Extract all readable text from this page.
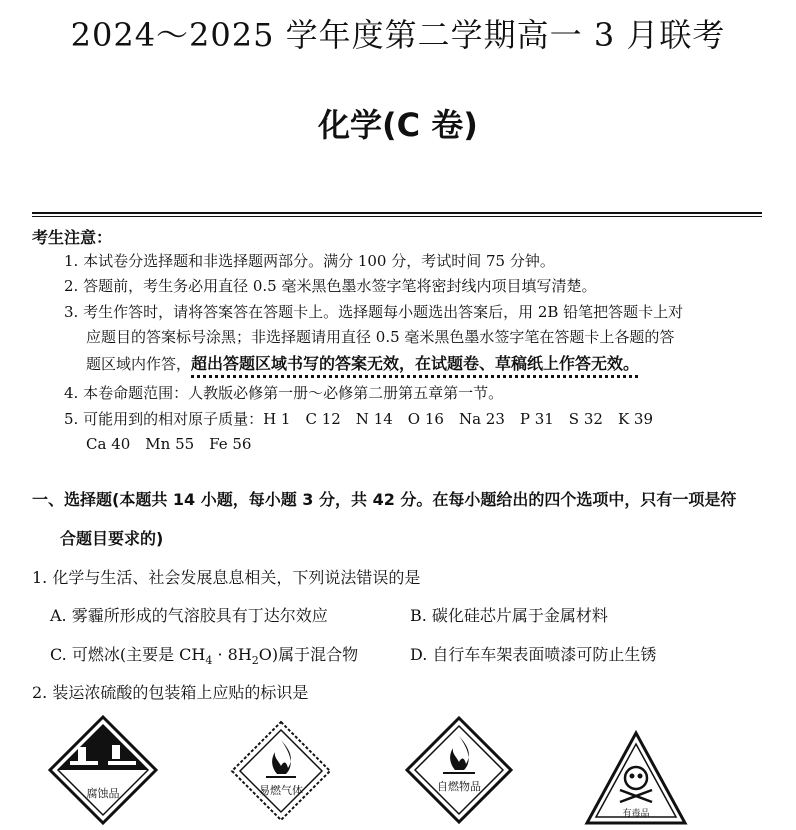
2024～2025 学年度第二学期高一 3 月联考
化学(C 卷)
考生注意：
1. 本试卷分选择题和非选择题两部分。满分 100 分，考试时间 75 分钟。
2. 答题前，考生务必用直径 0.5 毫米黑色墨水签字笔将密封线内项目填写清楚。
3. 考生作答时，请将答案答在答题卡上。选择题每小题选出答案后，用 2B 铅笔把答题卡上对
应题目的答案标号涂黑；非选择题请用直径 0.5 毫米黑色墨水签字笔在答题卡上各题的答
题区域内作答，超出答题区域书写的答案无效，在试题卷、草稿纸上作答无效。
4. 本卷命题范围：人教版必修第一册～必修第二册第五章第一节。
5. 可能用到的相对原子质量：H 1　C 12　N 14　O 16　Na 23　P 31　S 32　K 39
Ca 40　Mn 55　Fe 56
一、选择题(本题共 14 小题，每小题 3 分，共 42 分。在每小题给出的四个选项中，只有一项是符
合题目要求的)
1. 化学与生活、社会发展息息相关，下列说法错误的是
A. 雾霾所形成的气溶胶具有丁达尔效应	B. 碳化硅芯片属于金属材料
C. 可燃冰(主要是 $CH_4 \cdot 8H_2O$)属于混合物	D. 自行车车架表面喷漆可防止生锈
2. 装运浓硫酸的包装箱上应贴的标识是
腐蚀品	易燃气体	自燃物品
有毒品
